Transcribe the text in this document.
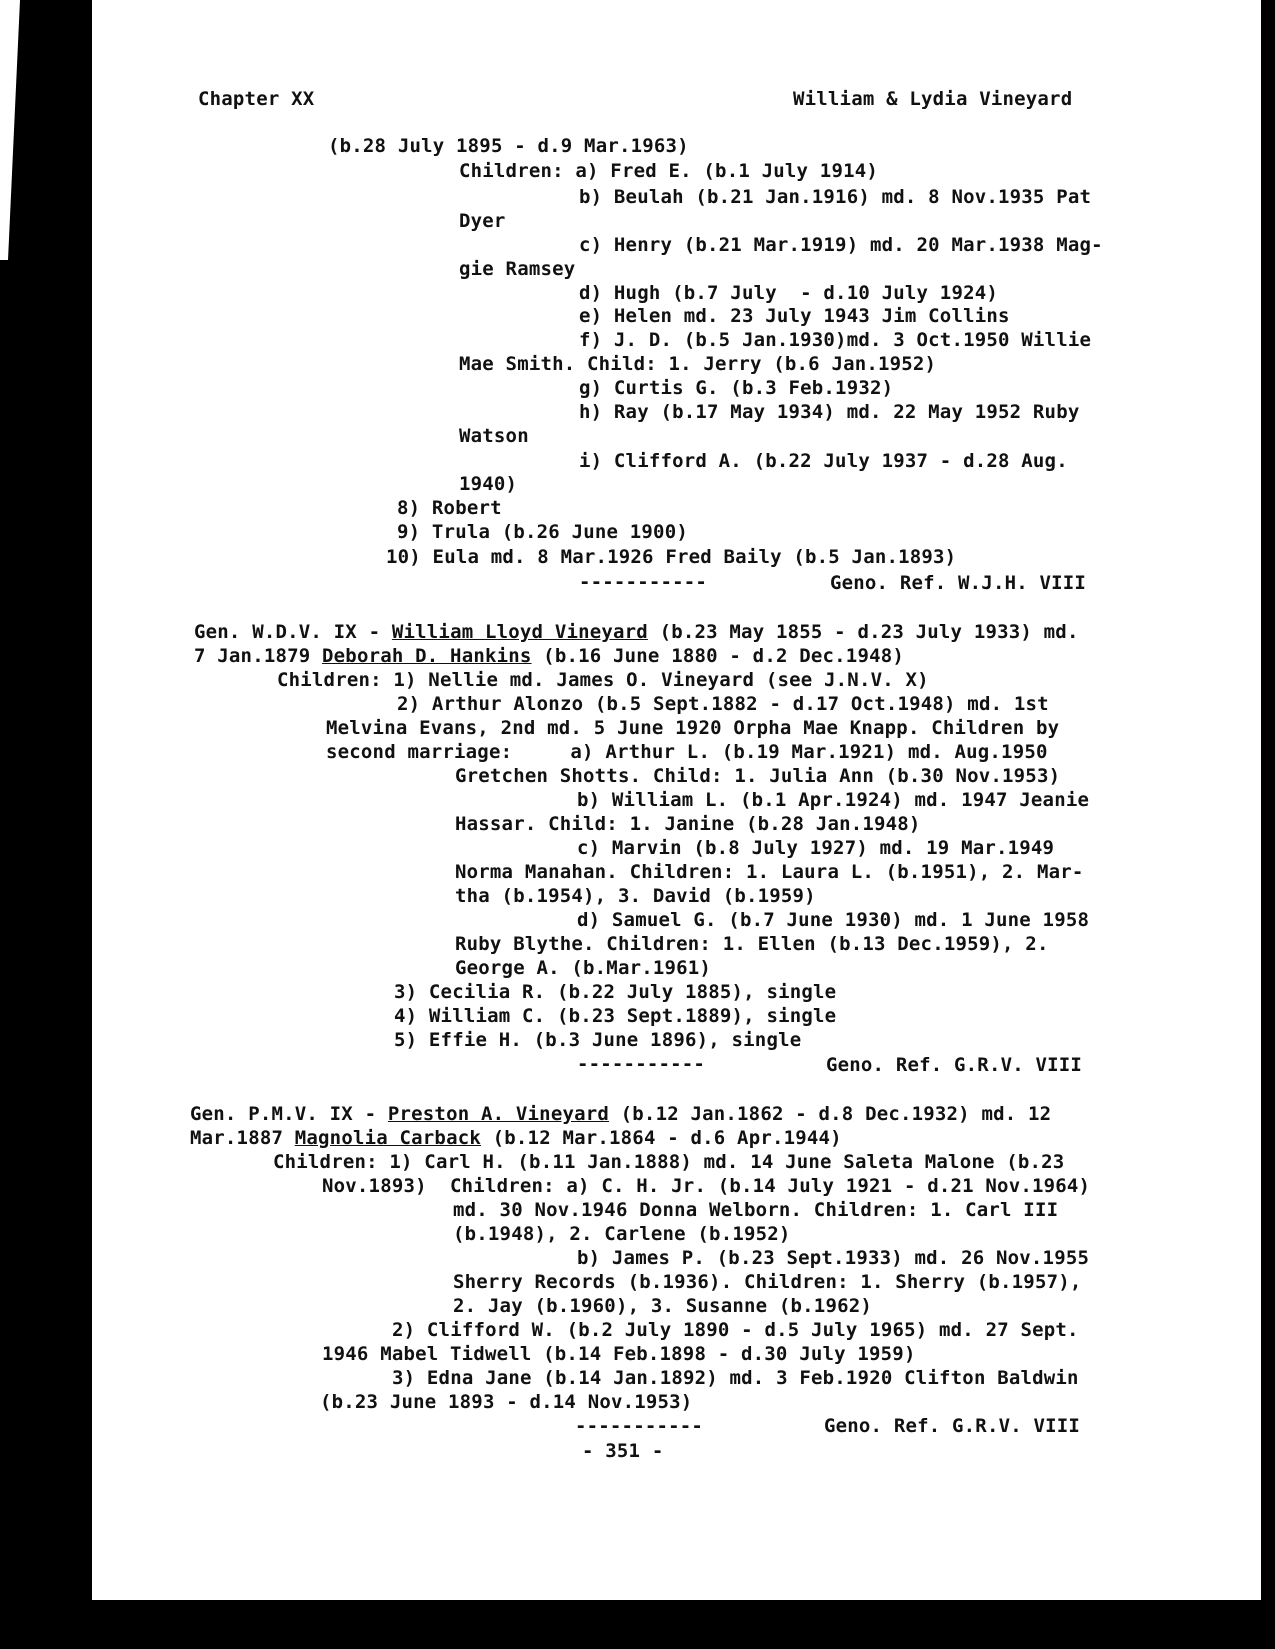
Chapter XX	William & Lydia Vineyard
(b.28 July 1895 - d.9 Mar.1963)
Children: a) Fred E. (b.1 July 1914)
b) Beulah (b.21 Jan.1916) md. 8 Nov.1935 Pat
Dyer
c) Henry (b.21 Mar.1919) md. 20 Mar.1938 Mag-
gie Ramsey
d) Hugh (b.7 July  - d.10 July 1924)
e) Helen md. 23 July 1943 Jim Collins
f) J. D. (b.5 Jan.1930)md. 3 Oct.1950 Willie
Mae Smith. Child: 1. Jerry (b.6 Jan.1952)
g) Curtis G. (b.3 Feb.1932)
h) Ray (b.17 May 1934) md. 22 May 1952 Ruby
Watson
i) Clifford A. (b.22 July 1937 - d.28 Aug.
1940)
8) Robert
9) Trula (b.26 June 1900)
10) Eula md. 8 Mar.1926 Fred Baily (b.5 Jan.1893)
-----------	Geno. Ref. W.J.H. VIII
Gen. W.D.V. IX - William Lloyd Vineyard (b.23 May 1855 - d.23 July 1933) md.
7 Jan.1879 Deborah D. Hankins (b.16 June 1880 - d.2 Dec.1948)
Children: 1) Nellie md. James O. Vineyard (see J.N.V. X)
2) Arthur Alonzo (b.5 Sept.1882 - d.17 Oct.1948) md. 1st
Melvina Evans, 2nd md. 5 June 1920 Orpha Mae Knapp. Children by
second marriage:     a) Arthur L. (b.19 Mar.1921) md. Aug.1950
Gretchen Shotts. Child: 1. Julia Ann (b.30 Nov.1953)
b) William L. (b.1 Apr.1924) md. 1947 Jeanie
Hassar. Child: 1. Janine (b.28 Jan.1948)
c) Marvin (b.8 July 1927) md. 19 Mar.1949
Norma Manahan. Children: 1. Laura L. (b.1951), 2. Mar-
tha (b.1954), 3. David (b.1959)
d) Samuel G. (b.7 June 1930) md. 1 June 1958
Ruby Blythe. Children: 1. Ellen (b.13 Dec.1959), 2.
George A. (b.Mar.1961)
3) Cecilia R. (b.22 July 1885), single
4) William C. (b.23 Sept.1889), single
5) Effie H. (b.3 June 1896), single
-----------	Geno. Ref. G.R.V. VIII
Gen. P.M.V. IX - Preston A. Vineyard (b.12 Jan.1862 - d.8 Dec.1932) md. 12
Mar.1887 Magnolia Carback (b.12 Mar.1864 - d.6 Apr.1944)
Children: 1) Carl H. (b.11 Jan.1888) md. 14 June Saleta Malone (b.23
Nov.1893)  Children: a) C. H. Jr. (b.14 July 1921 - d.21 Nov.1964)
md. 30 Nov.1946 Donna Welborn. Children: 1. Carl III
(b.1948), 2. Carlene (b.1952)
b) James P. (b.23 Sept.1933) md. 26 Nov.1955
Sherry Records (b.1936). Children: 1. Sherry (b.1957),
2. Jay (b.1960), 3. Susanne (b.1962)
2) Clifford W. (b.2 July 1890 - d.5 July 1965) md. 27 Sept.
1946 Mabel Tidwell (b.14 Feb.1898 - d.30 July 1959)
3) Edna Jane (b.14 Jan.1892) md. 3 Feb.1920 Clifton Baldwin
(b.23 June 1893 - d.14 Nov.1953)
-----------	Geno. Ref. G.R.V. VIII
- 351 -
